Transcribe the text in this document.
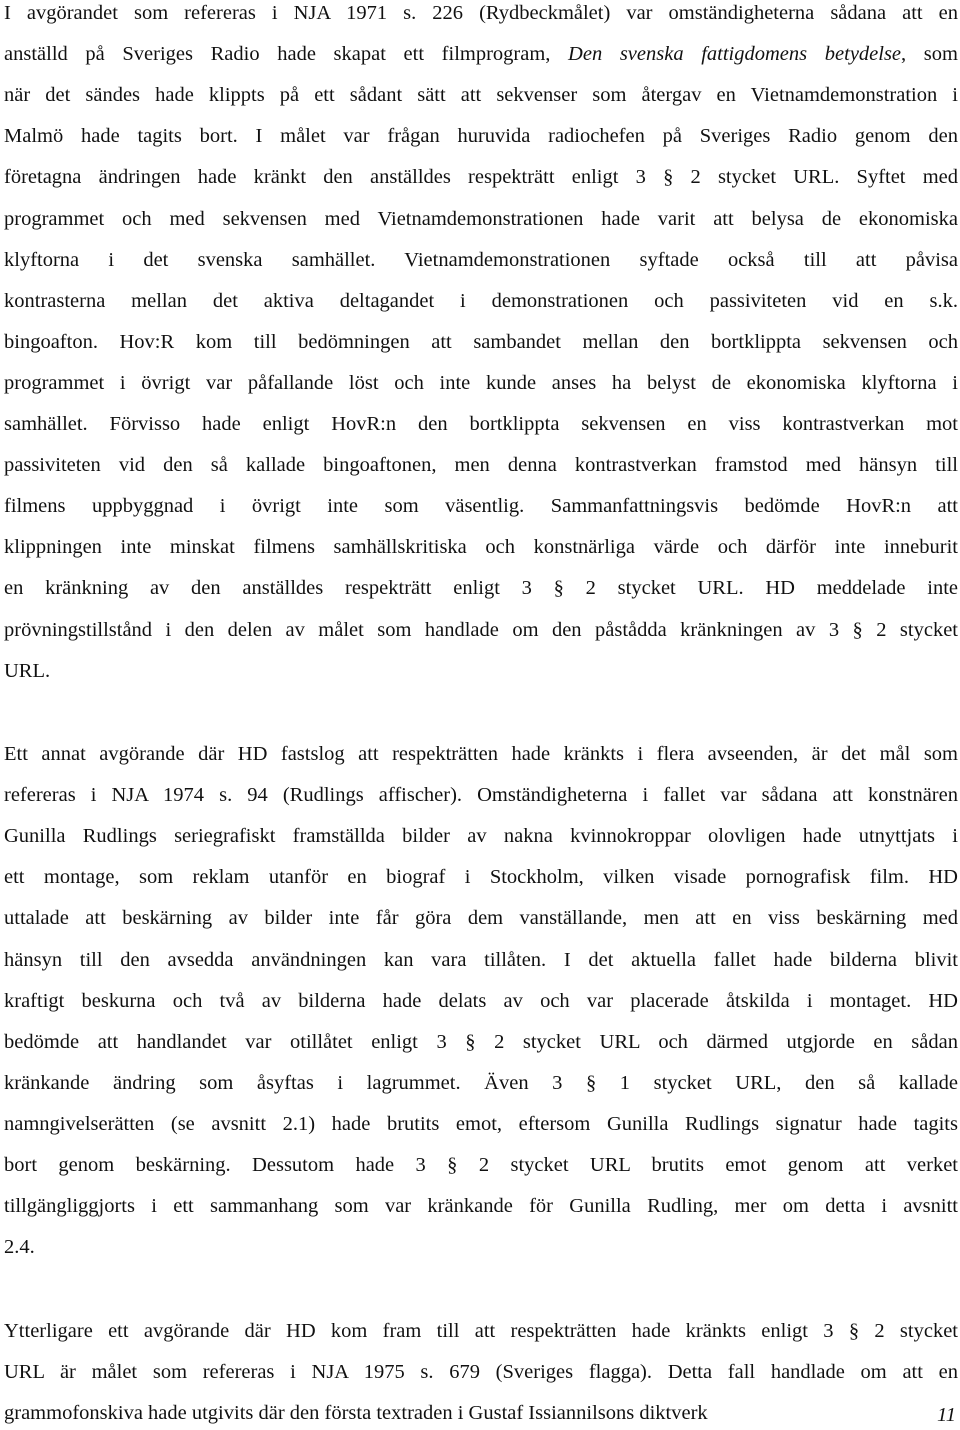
I avgörandet som refereras i NJA 1971 s. 226 (Rydbeckmålet) var omständigheterna sådana att en
anställd på Sveriges Radio hade skapat ett filmprogram, Den svenska fattigdomens betydelse, som
när det sändes hade klippts på ett sådant sätt att sekvenser som återgav en Vietnamdemonstration i
Malmö hade tagits bort. I målet var frågan huruvida radiochefen på Sveriges Radio genom den
företagna ändringen hade kränkt den anställdes respekträtt enligt 3 § 2 stycket URL. Syftet med
programmet och med sekvensen med Vietnamdemonstrationen hade varit att belysa de ekonomiska
klyftorna i det svenska samhället. Vietnamdemonstrationen syftade också till att påvisa
kontrasterna mellan det aktiva deltagandet i demonstrationen och passiviteten vid en s.k.
bingoafton. Hov:R kom till bedömningen att sambandet mellan den bortklippta sekvensen och
programmet i övrigt var påfallande löst och inte kunde anses ha belyst de ekonomiska klyftorna i
samhället. Förvisso hade enligt HovR:n den bortklippta sekvensen en viss kontrastverkan mot
passiviteten vid den så kallade bingoaftonen, men denna kontrastverkan framstod med hänsyn till
filmens uppbyggnad i övrigt inte som väsentlig. Sammanfattningsvis bedömde HovR:n att
klippningen inte minskat filmens samhällskritiska och konstnärliga värde och därför inte inneburit
en kränkning av den anställdes respekträtt enligt 3 § 2 stycket URL. HD meddelade inte
prövningstillstånd i den delen av målet som handlade om den påstådda kränkningen av 3 § 2 stycket
URL.
Ett annat avgörande där HD fastslog att respekträtten hade kränkts i flera avseenden, är det mål som
refereras i NJA 1974 s. 94 (Rudlings affischer). Omständigheterna i fallet var sådana att konstnären
Gunilla Rudlings seriegrafiskt framställda bilder av nakna kvinnokroppar olovligen hade utnyttjats i
ett montage, som reklam utanför en biograf i Stockholm, vilken visade pornografisk film. HD
uttalade att beskärning av bilder inte får göra dem vanställande, men att en viss beskärning med
hänsyn till den avsedda användningen kan vara tillåten. I det aktuella fallet hade bilderna blivit
kraftigt beskurna och två av bilderna hade delats av och var placerade åtskilda i montaget. HD
bedömde att handlandet var otillåtet enligt 3 § 2 stycket URL och därmed utgjorde en sådan
kränkande ändring som åsyftas i lagrummet. Även 3 § 1 stycket URL, den så kallade
namngivelserätten (se avsnitt 2.1) hade brutits emot, eftersom Gunilla Rudlings signatur hade tagits
bort genom beskärning. Dessutom hade 3 § 2 stycket URL brutits emot genom att verket
tillgängliggjorts i ett sammanhang som var kränkande för Gunilla Rudling, mer om detta i avsnitt
2.4.
Ytterligare ett avgörande där HD kom fram till att respekträtten hade kränkts enligt 3 § 2 stycket
URL är målet som refereras i NJA 1975 s. 679 (Sveriges flagga). Detta fall handlade om att en
grammofonskiva hade utgivits där den första textraden i Gustaf Issiannilsons diktverk	11
